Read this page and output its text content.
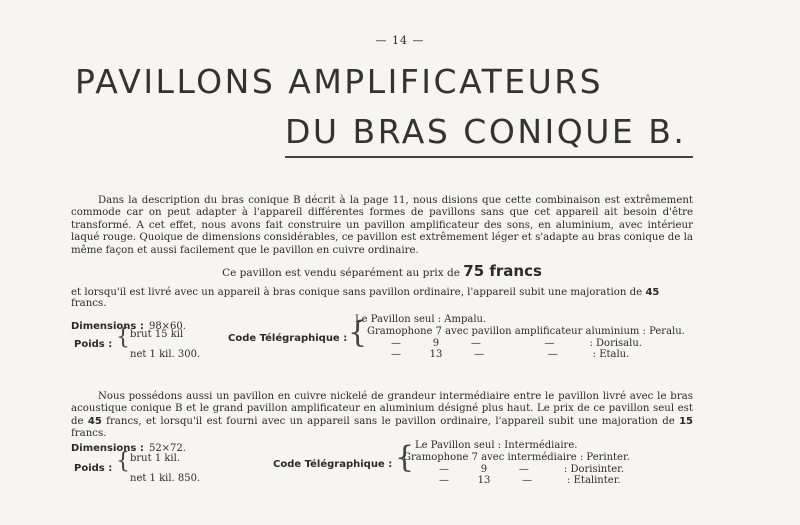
— 14 —
PAVILLONS AMPLIFICATEURS
DU BRAS CONIQUE B.
Dans la description du bras conique B décrit à la page 11, nous disions que cette combinaison est extrêmement commode car on peut adapter à l'appareil différentes formes de pavillons sans que cet appareil ait besoin d'être transformé. A cet effet, nous avons fait construire un pavillon amplificateur des sons, en aluminium, avec intérieur laqué rouge. Quoique de dimensions considérables, ce pavillon est extrêmement léger et s'adapte au bras conique de la même façon et aussi facilement que le pavillon en cuivre ordinaire.
Ce pavillon est vendu séparément au prix de 75 francs
et lorsqu'il est livré avec un appareil à bras conique sans pavillon ordinaire, l'appareil subit une majoration de 45 francs.
Dimensions : 98×60.
Poids : { brut 15 kil
net 1 kil. 300.
Code Télégraphique : {
Le Pavillon seul : Ampalu.
Gramophone 7 avec pavillon amplificateur aluminium : Peralu.
—          9          —                    —           : Dorisalu.
—         13          —                    —           : Etalu.
Nous possédons aussi un pavillon en cuivre nickelé de grandeur intermédiaire entre le pavillon livré avec le bras acoustique conique B et le grand pavillon amplificateur en aluminium désigné plus haut. Le prix de ce pavillon seul est de 45 francs, et lorsqu'il est fourni avec un appareil sans le pavillon ordinaire, l'appareil subit une majoration de 15 francs.
Dimensions : 52×72.
Poids : { brut 1 kil.
net 1 kil. 850.
Code Télégraphique : { Le Pavillon seul : Intermédiaire.
Gramophone 7 avec intermédiaire : Perinter.
—          9          —           : Dorisinter.
—         13          —           : Etalinter.
